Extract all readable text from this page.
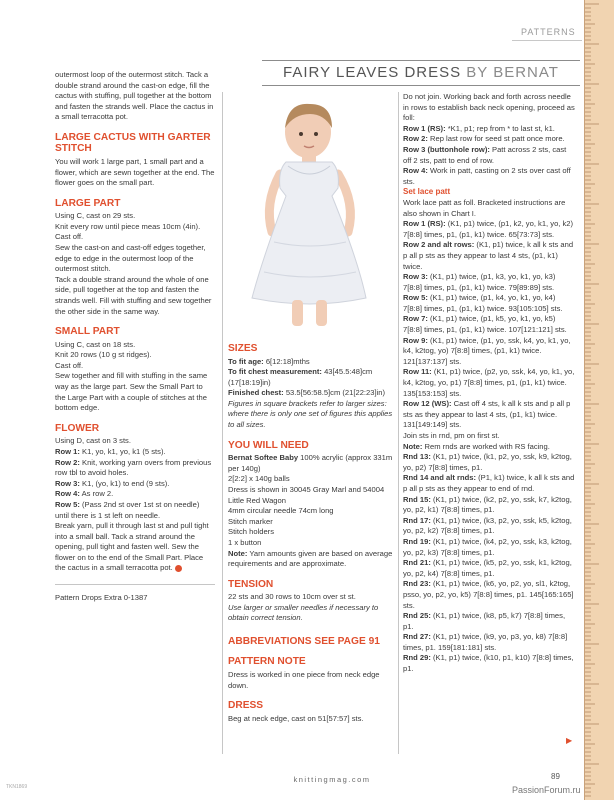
PATTERNS
FAIRY LEAVES DRESS BY BERNAT

outermost loop of the outermost stitch. Tack a double strand around the cast-on edge, fill the cactus with stuffing, pull together at the bottom and fasten the strands well. Place the cactus in a small terracotta pot.

LARGE CACTUS WITH GARTER STITCH

You will work 1 large part, 1 small part and a flower, which are sewn together at the end. The flower goes on the small part.

LARGE PART

Using C, cast on 29 sts.

Knit every row until piece meas 10cm (4in).

Cast off.

Sew the cast-on and cast-off edges together, edge to edge in the outermost loop of the outermost stitch.

Tack a double strand around the whole of one side, pull together at the top and fasten the strands well. Fill with stuffing and sew together the other side in the same way.

SMALL PART

Using C, cast on 18 sts.

Knit 20 rows (10 g st ridges).

Cast off.

Sew together and fill with stuffing in the same way as the large part. Sew the Small Part to the Large Part with a couple of stitches at the bottom edge.

FLOWER

Using D, cast on 3 sts.

Row 1: K1, yo, k1, yo, k1 (5 sts).

Row 2: Knit, working yarn overs from previous row tbl to avoid holes.

Row 3: K1, (yo, k1) to end (9 sts).

Row 4: As row 2.

Row 5: (Pass 2nd st over 1st st on needle) until there is 1 st left on needle.

Break yarn, pull it through last st and pull tight into a small ball. Tack a strand around the opening, pull tight and fasten well. Sew the flower on to the end of the Small Part. Place the cactus in a small terracotta pot.

Pattern Drops Extra 0-1387

SIZES

To fit age: 6[12:18]mths

To fit chest measurement: 43[45.5:48]cm (17[18:19]in)

Finished chest: 53.5[56:58.5]cm (21[22:23]in)

Figures in square brackets refer to larger sizes: where there is only one set of figures this applies to all sizes.

YOU WILL NEED

Bernat Softee Baby 100% acrylic (approx 331m per 140g)

2[2:2] x 140g balls

Dress is shown in 30045 Gray Marl and 54004 Little Red Wagon

4mm circular needle 74cm long

Stitch marker

Stitch holders

1 x button

Note: Yarn amounts given are based on average requirements and are approximate.

TENSION

22 sts and 30 rows to 10cm over st st.

Use larger or smaller needles if necessary to obtain correct tension.

ABBREVIATIONS SEE PAGE 91
PATTERN NOTE

Dress is worked in one piece from neck edge down.

DRESS

Beg at neck edge, cast on 51[57:57] sts.

Do not join. Working back and forth across needle in rows to establish back neck opening, proceed as foll:

Row 1 (RS): *K1, p1; rep from * to last st, k1.

Row 2: Rep last row for seed st patt once more.

Row 3 (buttonhole row): Patt across 2 sts, cast off 2 sts, patt to end of row.

Row 4: Work in patt, casting on 2 sts over cast off sts.

Set lace patt

Work lace patt as foll. Bracketed instructions are also shown in Chart I.

Row 1 (RS): (K1, p1) twice, (p1, k2, yo, k1, yo, k2) 7[8:8] times, p1, (p1, k1) twice. 65[73:73] sts.

Row 2 and alt rows: (K1, p1) twice, k all k sts and p all p sts as they appear to last 4 sts, (p1, k1) twice.

Row 3: (K1, p1) twice, (p1, k3, yo, k1, yo, k3) 7[8:8] times, p1, (p1, k1) twice. 79[89:89] sts.

Row 5: (K1, p1) twice, (p1, k4, yo, k1, yo, k4) 7[8:8] times, p1, (p1, k1) twice. 93[105:105] sts.

Row 7: (K1, p1) twice, (p1, k5, yo, k1, yo, k5) 7[8:8] times, p1, (p1, k1) twice. 107[121:121] sts.

Row 9: (K1, p1) twice, (p1, yo, ssk, k4, yo, k1, yo, k4, k2tog, yo) 7[8:8] times, (p1, k1) twice. 121[137:137] sts.

Row 11: (K1, p1) twice, (p2, yo, ssk, k4, yo, k1, yo, k4, k2tog, yo, p1) 7[8:8] times, p1, (p1, k1) twice. 135[153:153] sts.

Row 12 (WS): Cast off 4 sts, k all k sts and p all p sts as they appear to last 4 sts, (p1, k1) twice. 131[149:149] sts.

Join sts in rnd, pm on first st.

Note: Rem rnds are worked with RS facing.

Rnd 13: (K1, p1) twice, (k1, p2, yo, ssk, k9, k2tog, yo, p2) 7[8:8] times, p1.

Rnd 14 and alt rnds: (P1, k1) twice, k all k sts and p all p sts as they appear to end of rnd.

Rnd 15: (K1, p1) twice, (k2, p2, yo, ssk, k7, k2tog, yo, p2, k1) 7[8:8] times, p1.

Rnd 17: (K1, p1) twice, (k3, p2, yo, ssk, k5, k2tog, yo, p2, k2) 7[8:8] times, p1.

Rnd 19: (K1, p1) twice, (k4, p2, yo, ssk, k3, k2tog, yo, p2, k3) 7[8:8] times, p1.

Rnd 21: (K1, p1) twice, (k5, p2, yo, ssk, k1, k2tog, yo, p2, k4) 7[8:8] times, p1.

Rnd 23: (K1, p1) twice, (k6, yo, p2, yo, sl1, k2tog, psso, yo, p2, yo, k5) 7[8:8] times, p1. 145[165:165] sts.

Rnd 25: (K1, p1) twice, (k8, p5, k7) 7[8:8] times, p1.

Rnd 27: (K1, p1) twice, (k9, yo, p3, yo, k8) 7[8:8] times, p1. 159[181:181] sts.

Rnd 29: (K1, p1) twice, (k10, p1, k10) 7[8:8] times, p1.

▶
knittingmag.com	89
TKN1869	PassionForum.ru
